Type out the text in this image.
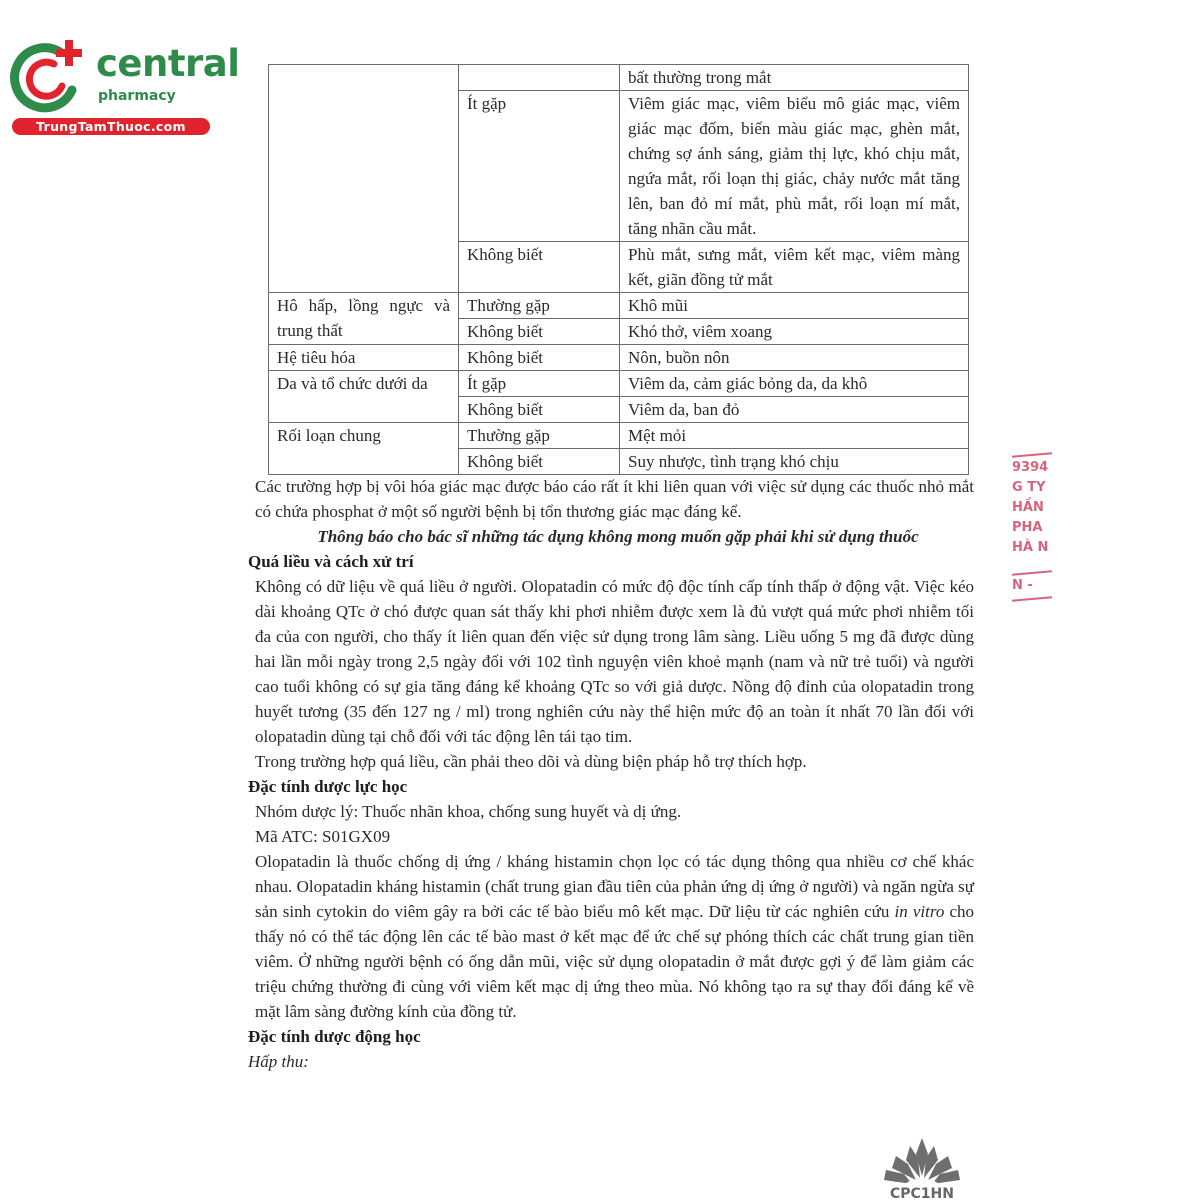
central
pharmacy
TrungTamThuoc.com
		bất thường trong mắt
	Ít gặp	Viêm giác mạc, viêm biểu mô giác mạc, viêm giác mạc đốm, biến màu giác mạc, ghèn mắt, chứng sợ ánh sáng, giảm thị lực, khó chịu mắt, ngứa mắt, rối loạn thị giác, chảy nước mắt tăng lên, ban đỏ mí mắt, phù mắt, rối loạn mí mắt, tăng nhãn cầu mắt.
	Không biết	Phù mắt, sưng mắt, viêm kết mạc, viêm màng kết, giãn đồng tử mắt
Hô hấp, lồng ngực và trung thất	Thường gặp	Khô mũi
	Không biết	Khó thở, viêm xoang
Hệ tiêu hóa	Không biết	Nôn, buồn nôn
Da và tổ chức dưới da	Ít gặp	Viêm da, cảm giác bỏng da, da khô
	Không biết	Viêm da, ban đỏ
Rối loạn chung	Thường gặp	Mệt mỏi
	Không biết	Suy nhược, tình trạng khó chịu

Các trường hợp bị vôi hóa giác mạc được báo cáo rất ít khi liên quan với việc sử dụng các thuốc nhỏ mắt có chứa phosphat ở một số người bệnh bị tổn thương giác mạc đáng kể.

Thông báo cho bác sĩ những tác dụng không mong muốn gặp phải khi sử dụng thuốc

Quá liều và cách xử trí

Không có dữ liệu về quá liều ở người. Olopatadin có mức độ độc tính cấp tính thấp ở động vật. Việc kéo dài khoảng QTc ở chó được quan sát thấy khi phơi nhiễm được xem là đủ vượt quá mức phơi nhiễm tối đa của con người, cho thấy ít liên quan đến việc sử dụng trong lâm sàng. Liều uống 5 mg đã được dùng hai lần mỗi ngày trong 2,5 ngày đối với 102 tình nguyện viên khoẻ mạnh (nam và nữ trẻ tuổi) và người cao tuổi không có sự gia tăng đáng kể khoảng QTc so với giả dược. Nồng độ đỉnh của olopatadin trong huyết tương (35 đến 127 ng / ml) trong nghiên cứu này thể hiện mức độ an toàn ít nhất 70 lần đối với olopatadin dùng tại chỗ đối với tác động lên tái tạo tim.

Trong trường hợp quá liều, cần phải theo dõi và dùng biện pháp hỗ trợ thích hợp.

Đặc tính dược lực học

Nhóm dược lý: Thuốc nhãn khoa, chống sung huyết và dị ứng.

Mã ATC: S01GX09

Olopatadin là thuốc chống dị ứng / kháng histamin chọn lọc có tác dụng thông qua nhiều cơ chế khác nhau. Olopatadin kháng histamin (chất trung gian đầu tiên của phản ứng dị ứng ở người) và ngăn ngừa sự sản sinh cytokin do viêm gây ra bởi các tế bào biểu mô kết mạc. Dữ liệu từ các nghiên cứu in vitro cho thấy nó có thể tác động lên các tế bào mast ở kết mạc để ức chế sự phóng thích các chất trung gian tiền viêm. Ở những người bệnh có ống dẫn mũi, việc sử dụng olopatadin ở mắt được gợi ý để làm giảm các triệu chứng thường đi cùng với viêm kết mạc dị ứng theo mùa. Nó không tạo ra sự thay đổi đáng kể về mặt lâm sàng đường kính của đồng tử.

Đặc tính dược động học

Hấp thu:

9394
G TY
HẦN
PHA
HÀ N
N -
CPC1HN
